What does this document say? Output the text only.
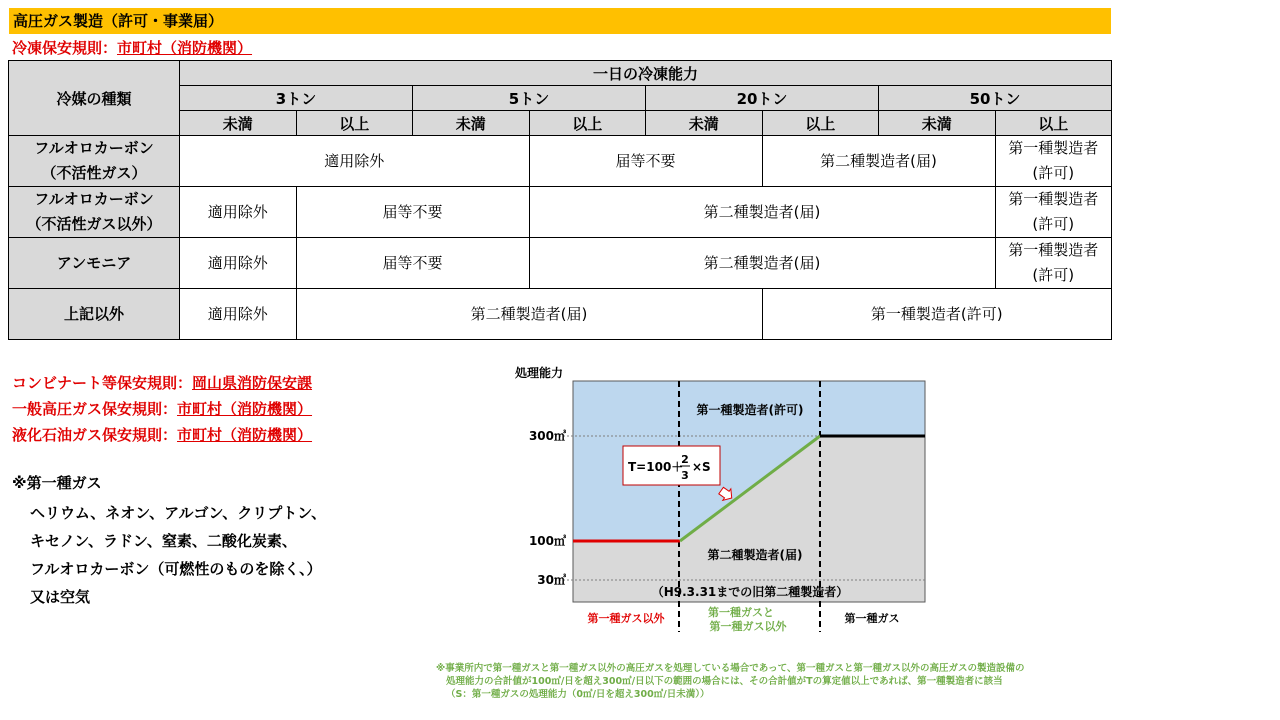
高圧ガス製造（許可・事業届）
冷凍保安規則：市町村（消防機関）
冷媒の種類	一日の冷凍能力							
	3トン		5トン		20トン		50トン	
	未満	以上	未満	以上	未満	以上	未満	以上
フルオロカーボン
（不活性ガス）	適用除外			届等不要		第二種製造者(届)		第一種製造者
(許可)
フルオロカーボン
（不活性ガス以外）	適用除外	届等不要		第二種製造者(届)				第一種製造者
(許可)
アンモニア	適用除外	届等不要		第二種製造者(届)				第一種製造者
(許可)
上記以外	適用除外	第二種製造者(届)				第一種製造者(許可)		
コンビナート等保安規則：岡山県消防保安課
一般高圧ガス保安規則：市町村（消防機関）
液化石油ガス保安規則：市町村（消防機関）
※第一種ガス
ヘリウム、ネオン、アルゴン、クリプトン、
キセノン、ラドン、窒素、二酸化炭素、
フルオロカーボン（可燃性のものを除く、）
又は空気
処理能力
300㎥
100㎥
30㎥
第一種製造者(許可)
第二種製造者(届)
（H9.3.31までの旧第二種製造者）
T=100＋
2
3
×S
第一種ガス以外	第一種ガスと
第一種ガス以外
第一種ガス
※事業所内で第一種ガスと第一種ガス以外の高圧ガスを処理している場合であって、第一種ガスと第一種ガス以外の高圧ガスの製造設備の
処理能力の合計値が100㎥/日を超え300㎥/日以下の範囲の場合には、その合計値がTの算定値以上であれば、第一種製造者に該当
（S：第一種ガスの処理能力（0㎥/日を超え300㎥/日未満））
